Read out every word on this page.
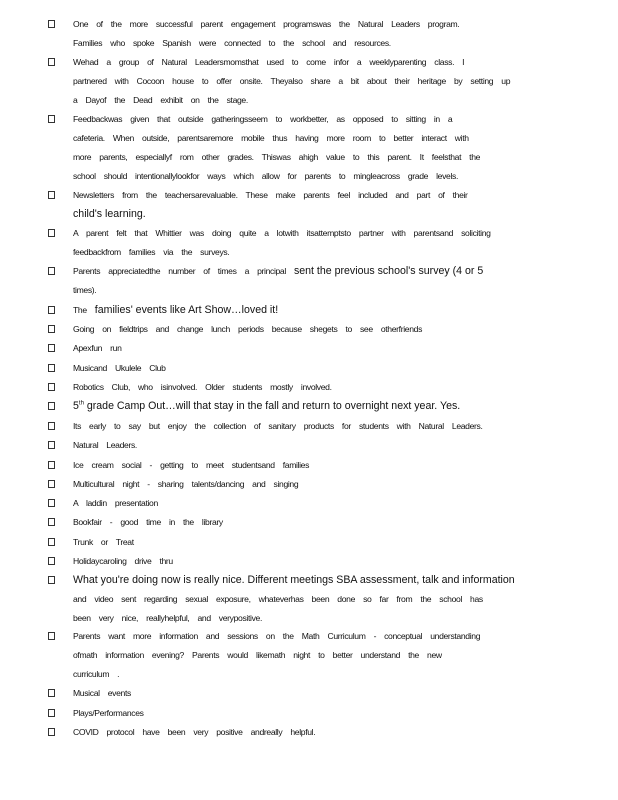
One of the more successful parent engagement programswas the Natural Leaders program.
Families who spoke Spanish were connected to the school and resources.
Wehad a group of Natural Leadersmomsthat used to come infor a weeklyparenting class. I
partnered with Cocoon house to offer onsite. Theyalso share a bit about their heritage by setting up
a Dayof the Dead exhibit on the stage.
Feedbackwas given that outside gatheringsseem to workbetter, as opposed to sitting in a
cafeteria. When outside, parentsaremore mobile thus having more room to better interact with
more parents, especiallyf rom other grades. Thiswas ahigh value to this parent. It feelsthat the
school should intentionallylookfor ways which allow for parents to mingleacross grade levels.
Newsletters from the teachersarevaluable. These make parents feel included and part of their
child's learning.
A parent felt that Whittier was doing quite a lotwith itsattemptsto partner with parentsand soliciting
feedbackfrom families via the surveys.
Parents appreciatedthe number of times a principal sent the previous school's survey (4 or 5
times).
The families' events like Art Show…loved it!
Going on fieldtrips and change lunch periods because shegets to see otherfriends
Apexfun run
Musicand Ukulele Club
Robotics Club, who isinvolved. Older students mostly involved.
5th grade Camp Out…will that stay in the fall and return to overnight next year. Yes.
Its early to say but enjoy the collection of sanitary products for students with Natural Leaders.
Natural Leaders.
Ice cream social - getting to meet studentsand families
Multicultural night - sharing talents/dancing and singing
A laddin presentation
Bookfair - good time in the library
Trunk or Treat
Holidaycaroling drive thru
What you're doing now is really nice. Different meetings SBA assessment, talk and information
and video sent regarding sexual exposure, whateverhas been done so far from the school has
been very nice, reallyhelpful, and verypositive.
Parents want more information and sessions on the Math Curriculum - conceptual understanding
ofmath information evening? Parents would likemath night to better understand the new
curriculum .
Musical events
Plays/Performances
COVID protocol have been very positive andreally helpful.
